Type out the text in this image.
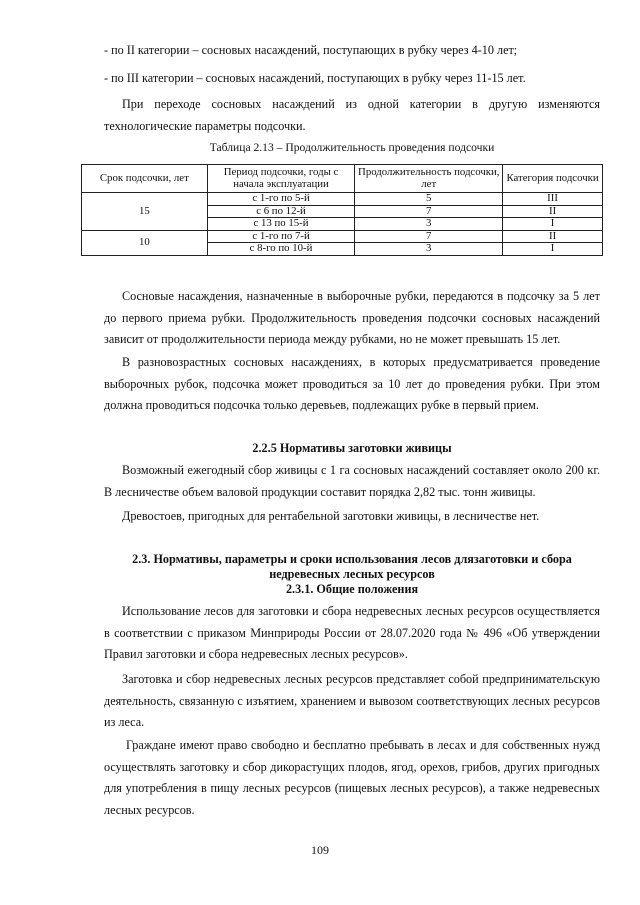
- по II категории – сосновых насаждений, поступающих в рубку через 4-10 лет;

- по III категории – сосновых насаждений, поступающих в рубку через 11-15 лет.

При переходе сосновых насаждений из одной категории в другую изменяются технологические параметры подсочки.

Таблица 2.13 – Продолжительность проведения подсочки

Срок подсочки, лет	Период подсочки, годы с начала эксплуатации	Продолжительность подсочки, лет	Категория подсочки
15	с 1-го по 5-й	5	III
	с 6 по 12-й	7	II
	с 13 по 15-й	3	I
10	с 1-го по 7-й	7	II
	с 8-го по 10-й	3	I

Сосновые насаждения, назначенные в выборочные рубки, передаются в подсочку за 5 лет до первого приема рубки. Продолжительность проведения подсочки сосновых насаждений зависит от продолжительности периода между рубками, но не может превышать 15 лет.

В разновозрастных сосновых насаждениях, в которых предусматривается проведение выборочных рубок, подсочка может проводиться за 10 лет до проведения рубки. При этом должна проводиться подсочка только деревьев, подлежащих рубке в первый прием.

2.2.5 Нормативы заготовки живицы

Возможный ежегодный сбор живицы с 1 га сосновых насаждений составляет около 200 кг. В лесничестве объем валовой продукции составит порядка 2,82 тыс. тонн живицы.

Древостоев, пригодных для рентабельной заготовки живицы, в лесничестве нет.

2.3. Нормативы, параметры и сроки использования лесов длязаготовки и сбора

недревесных лесных ресурсов

2.3.1. Общие положения

Использование лесов для заготовки и сбора недревесных лесных ресурсов осуществляется в соответствии с приказом Минприроды России от 28.07.2020 года № 496 «Об утверждении Правил заготовки и сбора недревесных лесных ресурсов».

Заготовка и сбор недревесных лесных ресурсов представляет собой предпринимательскую деятельность, связанную с изъятием, хранением и вывозом соответствующих лесных ресурсов из леса.

Граждане имеют право свободно и бесплатно пребывать в лесах и для собственных нужд осуществлять заготовку и сбор дикорастущих плодов, ягод, орехов, грибов, других пригодных для употребления в пищу лесных ресурсов (пищевых лесных ресурсов), а также недревесных лесных ресурсов.

109
